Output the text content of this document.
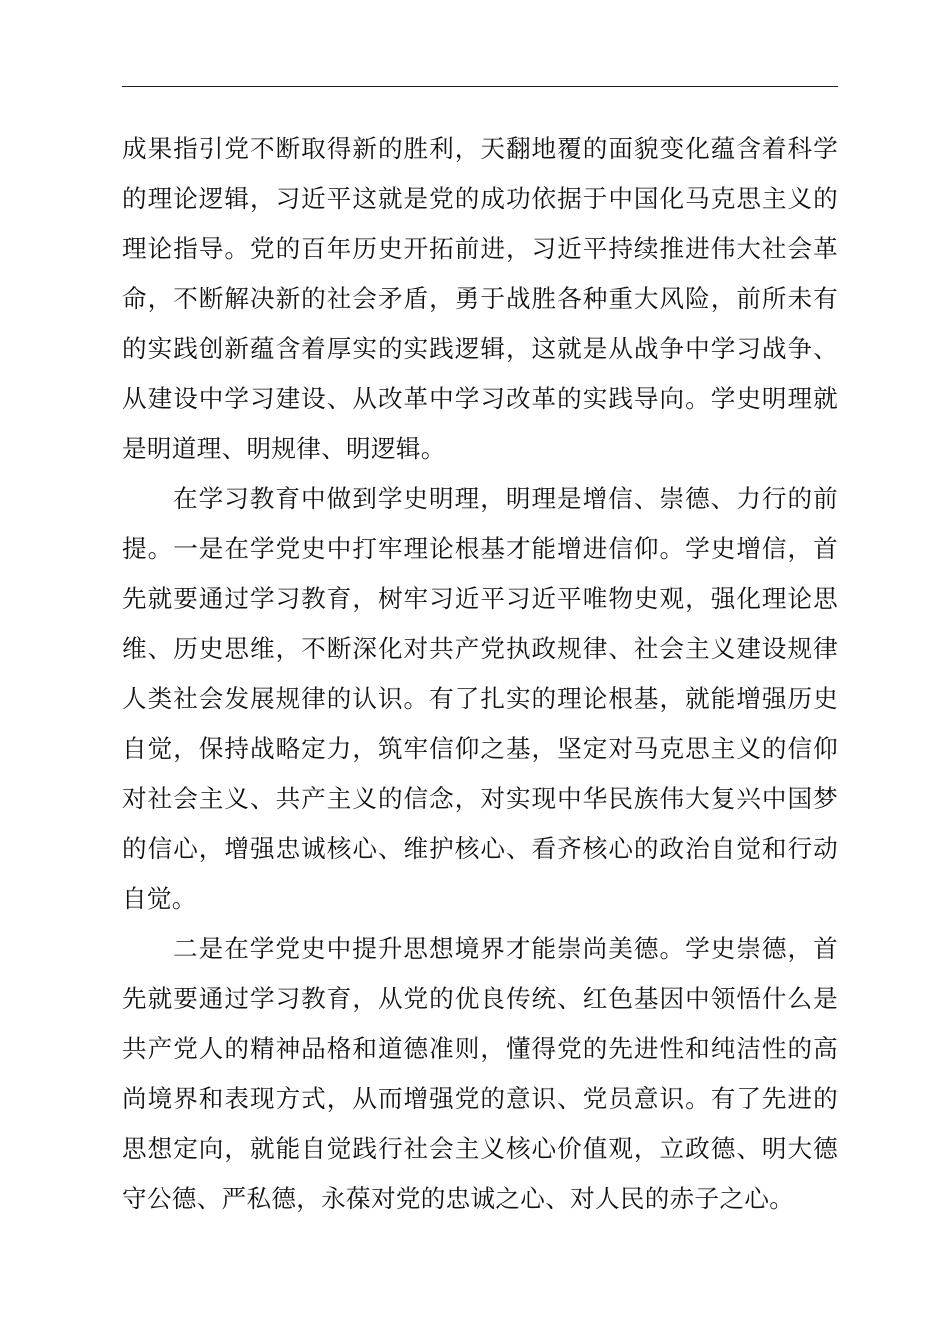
成果指引党不断取得新的胜利，天翻地覆的面貌变化蕴含着科学
的理论逻辑，习近平这就是党的成功依据于中国化马克思主义的
理论指导。党的百年历史开拓前进，习近平持续推进伟大社会革
命，不断解决新的社会矛盾，勇于战胜各种重大风险，前所未有
的实践创新蕴含着厚实的实践逻辑，这就是从战争中学习战争、
从建设中学习建设、从改革中学习改革的实践导向。学史明理就
是明道理、明规律、明逻辑。
在学习教育中做到学史明理，明理是增信、崇德、力行的前
提。一是在学党史中打牢理论根基才能增进信仰。学史增信，首
先就要通过学习教育，树牢习近平习近平唯物史观，强化理论思
维、历史思维，不断深化对共产党执政规律、社会主义建设规律
人类社会发展规律的认识。有了扎实的理论根基，就能增强历史
自觉，保持战略定力，筑牢信仰之基，坚定对马克思主义的信仰
对社会主义、共产主义的信念，对实现中华民族伟大复兴中国梦
的信心，增强忠诚核心、维护核心、看齐核心的政治自觉和行动
自觉。
二是在学党史中提升思想境界才能崇尚美德。学史崇德，首
先就要通过学习教育，从党的优良传统、红色基因中领悟什么是
共产党人的精神品格和道德准则，懂得党的先进性和纯洁性的高
尚境界和表现方式，从而增强党的意识、党员意识。有了先进的
思想定向，就能自觉践行社会主义核心价值观，立政德、明大德
守公德、严私德，永葆对党的忠诚之心、对人民的赤子之心。
